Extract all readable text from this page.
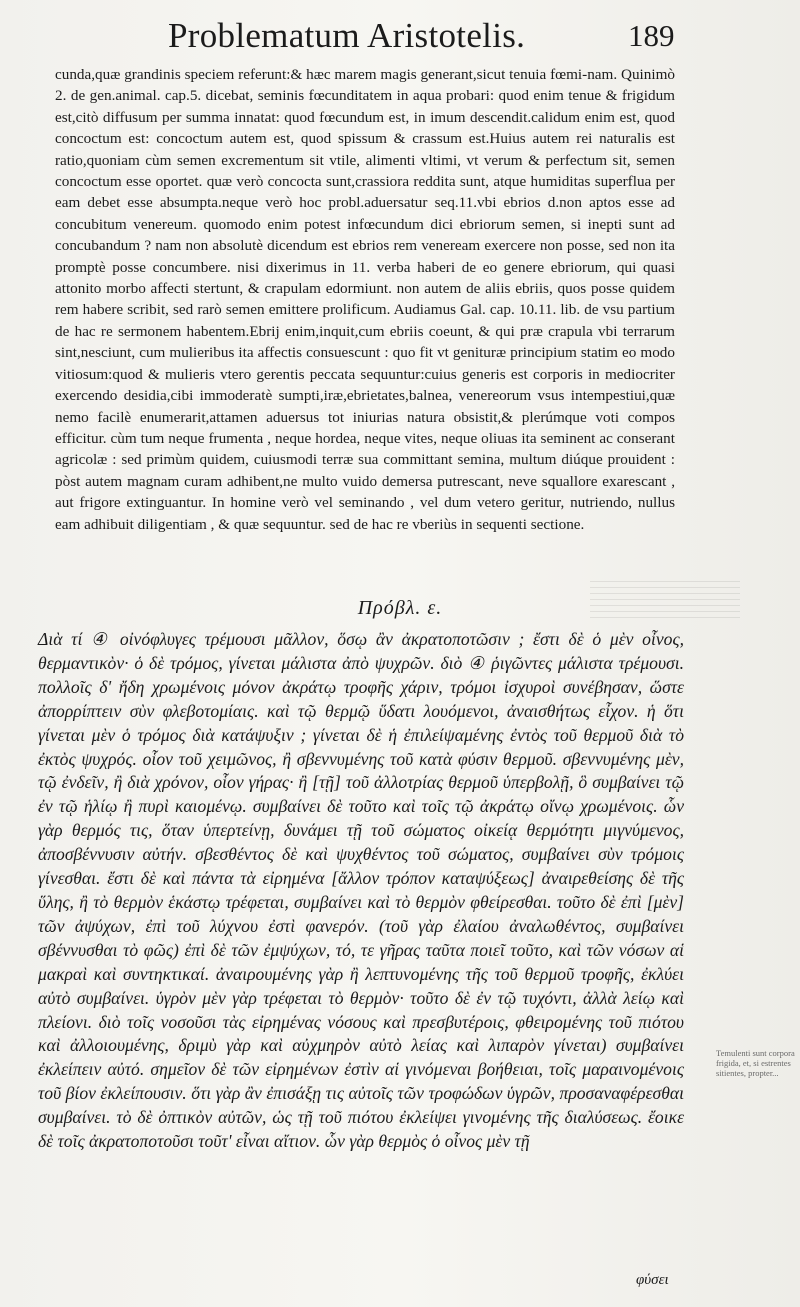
Problematum Aristotelis.	189

cunda,quæ grandinis speciem referunt:& hæc marem magis generant,sicut tenuia fœmi-nam. Quinimò 2. de gen.animal. cap.5. dicebat, seminis fœcunditatem in aqua probari: quod enim tenue & frigidum est,citò diffusum per summa innatat: quod fœcundum est, in imum descendit.calidum enim est, quod concoctum est: concoctum autem est, quod spissum & crassum est.Huius autem rei naturalis est ratio,quoniam cùm semen excrementum sit vtile, alimenti vltimi, vt verum & perfectum sit, semen concoctum esse oportet. quæ verò concocta sunt,crassiora reddita sunt, atque humiditas superflua per eam debet esse absumpta.neque verò hoc probl.aduersatur seq.11.vbi ebrios d.non aptos esse ad concubitum venereum. quomodo enim potest infœcundum dici ebriorum semen, si inepti sunt ad concubandum ? nam non absolutè dicendum est ebrios rem veneream exercere non posse, sed non ita promptè posse concumbere. nisi dixerimus in 11. verba haberi de eo genere ebriorum, qui quasi attonito morbo affecti stertunt, & crapulam edormiunt. non autem de aliis ebriis, quos posse quidem rem habere scribit, sed rarò semen emittere prolificum. Audiamus Gal. cap. 10.11. lib. de vsu partium de hac re sermonem habentem.Ebrij enim,inquit,cum ebriis coeunt, & qui præ crapula vbi terrarum sint,nesciunt, cum mulieribus ita affectis consuescunt : quo fit vt genituræ principium statim eo modo vitiosum:quod & mulieris vtero gerentis peccata sequuntur:cuius generis est corporis in mediocriter exercendo desidia,cibi immoderatè sumpti,iræ,ebrietates,balnea, venereorum vsus intempestiui,quæ nemo facilè enumerarit,attamen aduersus tot iniurias natura obsistit,& plerúmque voti compos efficitur. cùm tum neque frumenta , neque hordea, neque vites, neque oliuas ita seminent ac conserant agricolæ : sed primùm quidem, cuiusmodi terræ sua committant semina, multum diúque prouident : pòst autem magnam curam adhibent,ne multo vuido demersa putrescant, neve squallore exarescant , aut frigore extinguantur. In homine verò vel seminando , vel dum vetero geritur, nutriendo, nullus eam adhibuit diligentiam , & quæ sequuntur. sed de hac re vberiùs in sequenti sectione.

Πρόβλ. ε.
Διὰ τί ④ οἰνόφλυγες τρέμουσι μᾶλλον, ὅσῳ ἂν ἀκρατοποτῶσιν ; ἔστι δὲ ὁ μὲν οἶνος, θερμαντικὸν· ὁ δὲ τρόμος, γίνεται μάλιστα ἀπὸ ψυχρῶν. διὸ ④ ῥιγῶντες μάλιστα τρέμουσι. πολλοῖς δ' ἤδη χρωμένοις μόνον ἀκράτῳ τροφῆς χάριν, τρόμοι ἰσχυροὶ συνέβησαν, ὥστε ἀπορρίπτειν σὺν φλεβοτομίαις. καὶ τῷ θερμῷ ὕδατι λουόμενοι, ἀναισθήτως εἶχον. ἡ ὅτι γίνεται μὲν ὁ τρόμος διὰ κατάψυξιν ; γίνεται δὲ ἡ ἐπιλείψαμένης ἐντὸς τοῦ θερμοῦ διὰ τὸ ἐκτὸς ψυχρός. οἷον τοῦ χειμῶνος, ἢ σβεννυμένης τοῦ κατὰ φύσιν θερμοῦ. σβεννυμένης μὲν, τῷ ἐνδεῖν, ἢ διὰ χρόνον, οἷον γήρας· ἢ [τῇ] τοῦ ἀλλοτρίας θερμοῦ ὑπερβολῇ, ὃ συμβαίνει τῷ ἐν τῷ ἡλίῳ ἢ πυρὶ καιομένῳ. συμβαίνει δὲ τοῦτο καὶ τοῖς τῷ ἀκράτῳ οἴνῳ χρωμένοις. ὧν γὰρ θερμός τις, ὅταν ὑπερτείνῃ, δυνάμει τῇ τοῦ σώματος οἰκείᾳ θερμότητι μιγνύμενος, ἀποσβέννυσιν αὐτήν. σβεσθέντος δὲ καὶ ψυχθέντος τοῦ σώματος, συμβαίνει σὺν τρόμοις γίνεσθαι. ἔστι δὲ καὶ πάντα τὰ εἰρημένα [ἄλλον τρόπον καταψύξεως] ἀναιρεθείσης δὲ τῆς ὕλης, ἢ τὸ θερμὸν ἑκάστῳ τρέφεται, συμβαίνει καὶ τὸ θερμὸν φθείρεσθαι. τοῦτο δὲ ἐπὶ [μὲν] τῶν ἀψύχων, ἐπὶ τοῦ λύχνου ἐστὶ φανερόν. (τοῦ γὰρ ἐλαίου ἀναλωθέντος, συμβαίνει σβέννυσθαι τὸ φῶς) ἐπὶ δὲ τῶν ἐμψύχων, τό, τε γῆρας ταῦτα ποιεῖ τοῦτο, καὶ τῶν νόσων αἱ μακραὶ καὶ συντηκτικαί. ἀναιρουμένης γὰρ ἢ λεπτυνομένης τῆς τοῦ θερμοῦ τροφῆς, ἐκλύει αὐτὸ συμβαίνει. ὑγρὸν μὲν γὰρ τρέφεται τὸ θερμὸν· τοῦτο δὲ ἐν τῷ τυχόντι, ἀλλὰ λείῳ καὶ πλείονι. διὸ τοῖς νοσοῦσι τὰς εἰρημένας νόσους καὶ πρεσβυτέροις, φθειρομένης τοῦ πιότου καὶ ἀλλοιουμένης, δριμὺ γὰρ καὶ αὐχμηρὸν αὐτὸ λείας καὶ λιπαρὸν γίνεται) συμβαίνει ἐκλείπειν αὐτό. σημεῖον δὲ τῶν εἰρημένων ἐστὶν αἱ γινόμεναι βοήθειαι, τοῖς μαραινομένοις τοῦ βίον ἐκλείπουσιν. ὅτι γὰρ ἂν ἐπισάξῃ τις αὐτοῖς τῶν τροφώδων ὑγρῶν, προσαναφέρεσθαι συμβαίνει. τὸ δὲ ὀπτικὸν αὐτῶν, ὡς τῇ τοῦ πιότου ἐκλείψει γινομένης τῆς διαλύσεως. ἔοικε δὲ τοῖς ἀκρατοποτοῦσι τοῦτ' εἶναι αἴτιον. ὧν γὰρ θερμὸς ὁ οἶνος μὲν τῇ
Temulenti sunt corpora frigida, et, si estrentes sitientes, propter...
φύσει
